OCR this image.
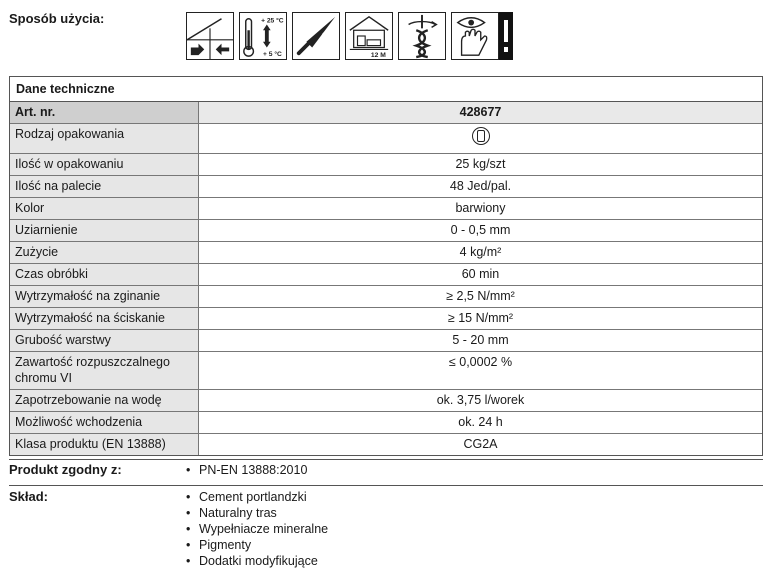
Sposób użycia:	+ 25 °C
+ 5 °C	12 M
Dane techniczne
Art. nr.	428677
Rodzaj opakowania	
Ilość w opakowaniu	25 kg/szt
Ilość na palecie	48 Jed/pal.
Kolor	barwiony
Uziarnienie	0 - 0,5 mm
Zużycie	4 kg/m²
Czas obróbki	60 min
Wytrzymałość na zginanie	≥ 2,5 N/mm²
Wytrzymałość na ściskanie	≥ 15 N/mm²
Grubość warstwy	5 - 20 mm
Zawartość rozpuszczalnego chromu VI	≤ 0,0002 %
Zapotrzebowanie na wodę	ok. 3,75 l/worek
Możliwość wchodzenia	ok. 24 h
Klasa produktu (EN 13888)	CG2A
Produkt zgodny z:	• PN-EN 13888:2010
Skład:	• Cement portlandzki
• Naturalny tras
• Wypełniacze mineralne
• Pigmenty
• Dodatki modyfikujące
